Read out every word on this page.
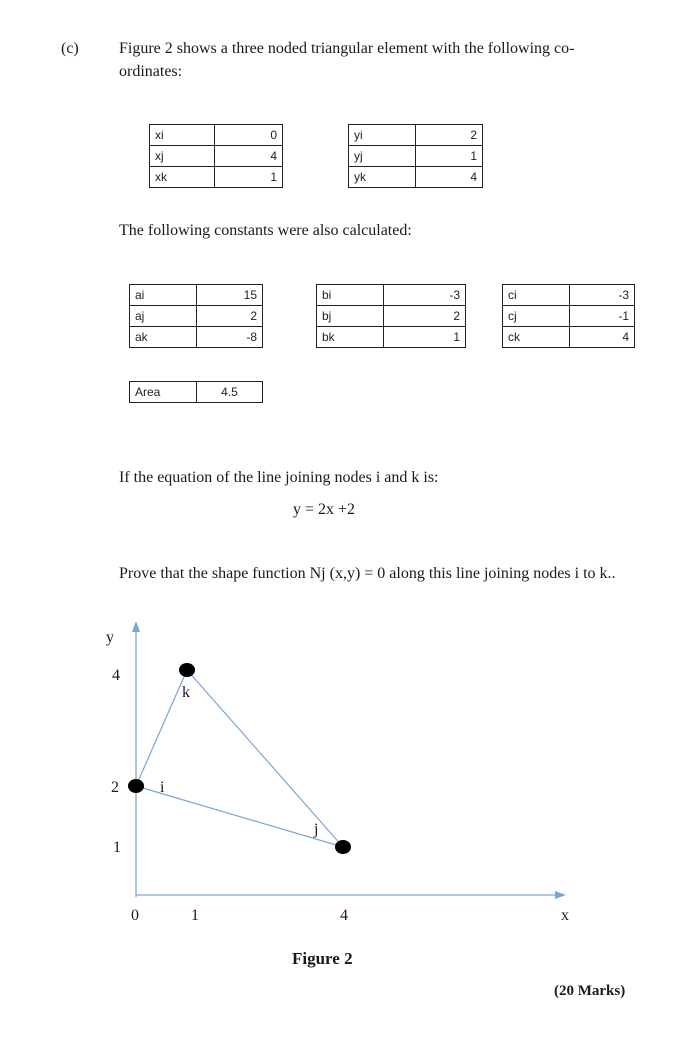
(c)	Figure 2 shows a three noded triangular element with the following co-
ordinates:
xi	0
xj	4
xk	1
yi	2
yj	1
yk	4
The following constants were also calculated:
ai	15
aj	2
ak	-8
bi	-3
bj	2
bk	1
ci	-3
cj	-1
ck	4
Area	4.5
If the equation of the line joining nodes i and k is:
y = 2x +2
Prove that the shape function Nj (x,y) = 0 along this line joining nodes i to k..
i
k
j
y
x
4
2
1
0	1	4
Figure 2
(20 Marks)
